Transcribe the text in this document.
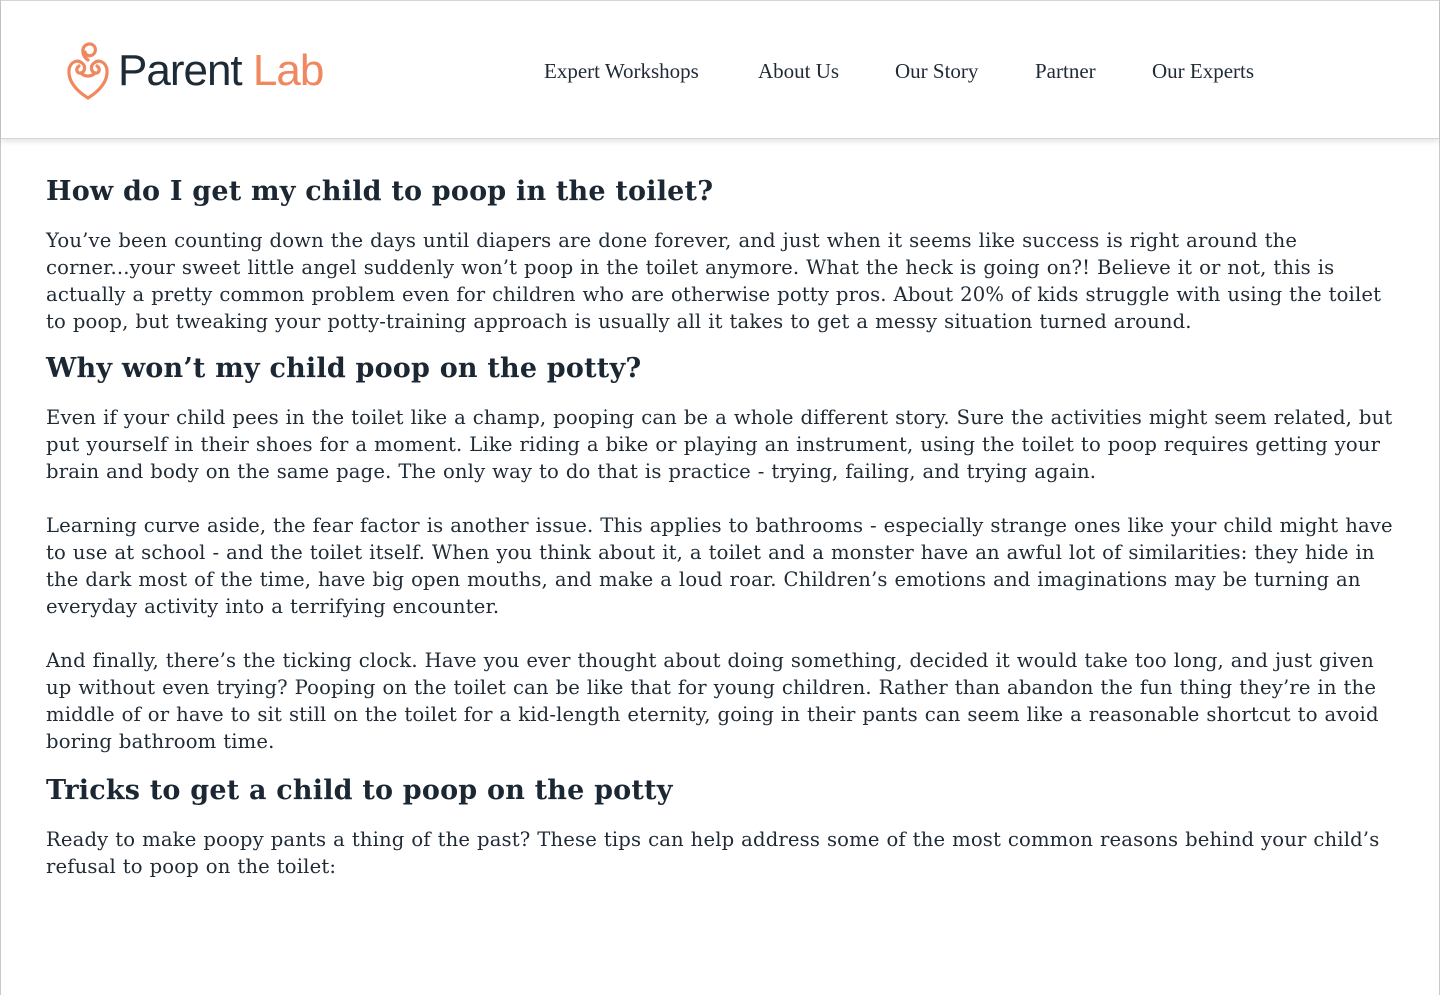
Parent Lab	Expert Workshops	About Us	Our Story	Partner	Our Experts
How do I get my child to poop in the toilet?

You’ve been counting down the days until diapers are done forever, and just when it seems like success is right around the corner...your sweet little angel suddenly won’t poop in the toilet anymore. What the heck is going on?! Believe it or not, this is actually a pretty common problem even for children who are otherwise potty pros. About 20% of kids struggle with using the toilet to poop, but tweaking your potty-training approach is usually all it takes to get a messy situation turned around.

Why won’t my child poop on the potty?

Even if your child pees in the toilet like a champ, pooping can be a whole different story. Sure the activities might seem related, but put yourself in their shoes for a moment. Like riding a bike or playing an instrument, using the toilet to poop requires getting your brain and body on the same page. The only way to do that is practice - trying, failing, and trying again.

Learning curve aside, the fear factor is another issue. This applies to bathrooms - especially strange ones like your child might have to use at school - and the toilet itself. When you think about it, a toilet and a monster have an awful lot of similarities: they hide in the dark most of the time, have big open mouths, and make a loud roar. Children’s emotions and imaginations may be turning an everyday activity into a terrifying encounter.

And finally, there’s the ticking clock. Have you ever thought about doing something, decided it would take too long, and just given up without even trying? Pooping on the toilet can be like that for young children. Rather than abandon the fun thing they’re in the middle of or have to sit still on the toilet for a kid-length eternity, going in their pants can seem like a reasonable shortcut to avoid boring bathroom time.

Tricks to get a child to poop on the potty

Ready to make poopy pants a thing of the past? These tips can help address some of the most common reasons behind your child’s refusal to poop on the toilet:
